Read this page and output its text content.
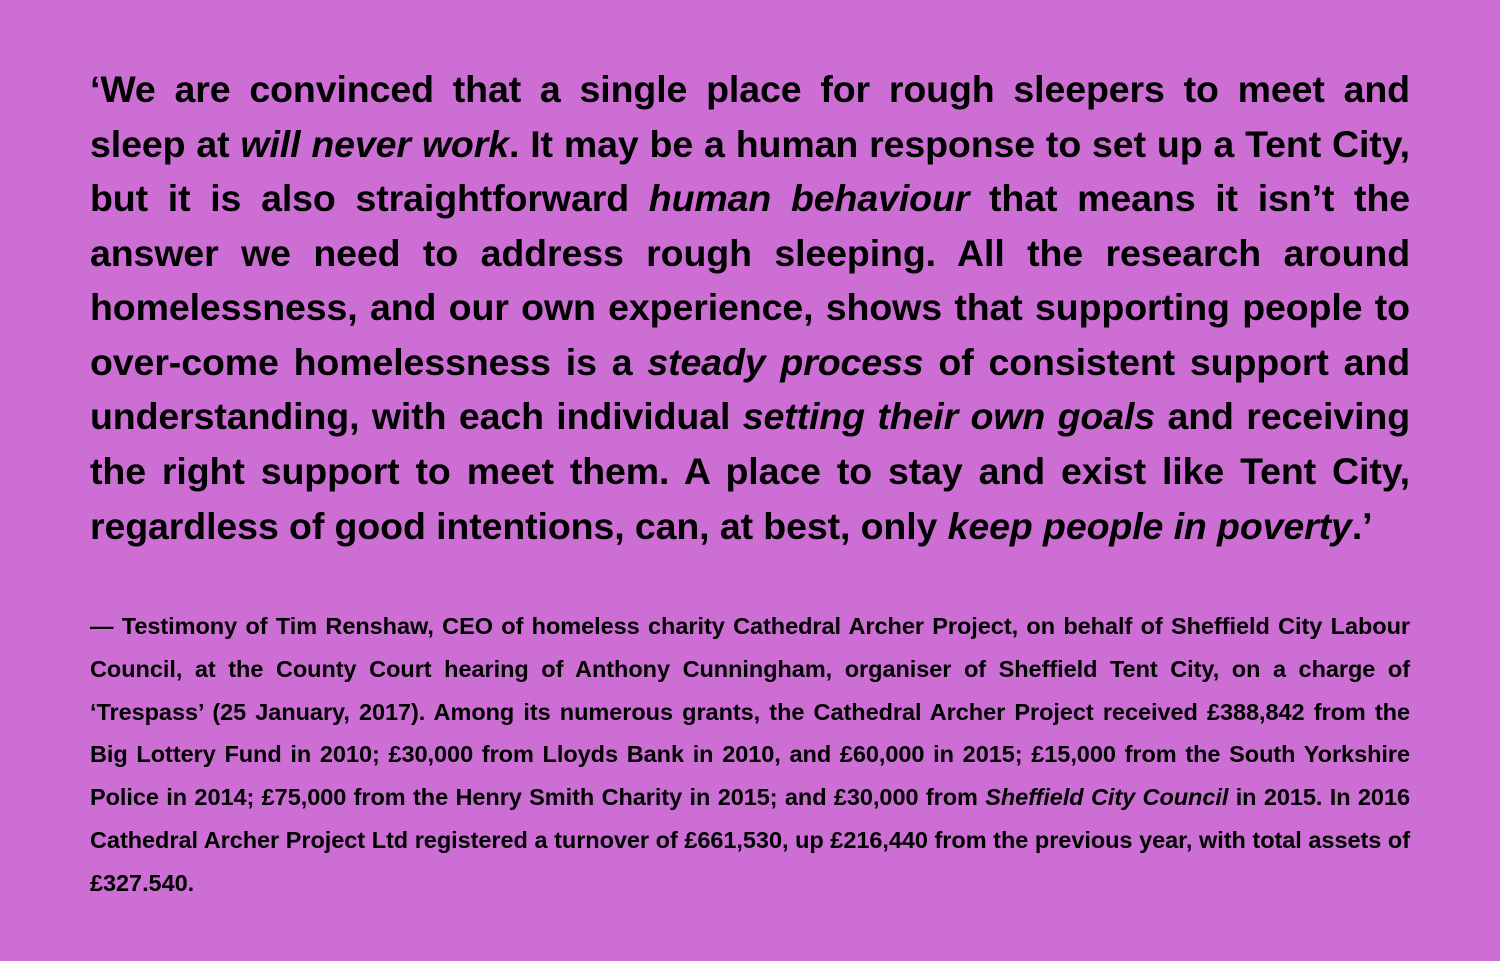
‘We are convinced that a single place for rough sleepers to meet and sleep at will never work. It may be a human response to set up a Tent City, but it is also straightforward human behaviour that means it isn’t the answer we need to address rough sleeping. All the research around homelessness, and our own experience, shows that supporting people to over-come homelessness is a steady process of consistent support and understanding, with each individual setting their own goals and receiving the right support to meet them. A place to stay and exist like Tent City, regardless of good intentions, can, at best, only keep people in poverty.’

— Testimony of Tim Renshaw, CEO of homeless charity Cathedral Archer Project, on behalf of Sheffield City Labour Council, at the County Court hearing of Anthony Cunningham, organiser of Sheffield Tent City, on a charge of ‘Trespass’ (25 January, 2017). Among its numerous grants, the Cathedral Archer Project received £388,842 from the Big Lottery Fund in 2010; £30,000 from Lloyds Bank in 2010, and £60,000 in 2015; £15,000 from the South Yorkshire Police in 2014; £75,000 from the Henry Smith Charity in 2015; and £30,000 from Sheffield City Council in 2015. In 2016 Cathedral Archer Project Ltd registered a turnover of £661,530, up £216,440 from the previous year, with total assets of £327.540.
